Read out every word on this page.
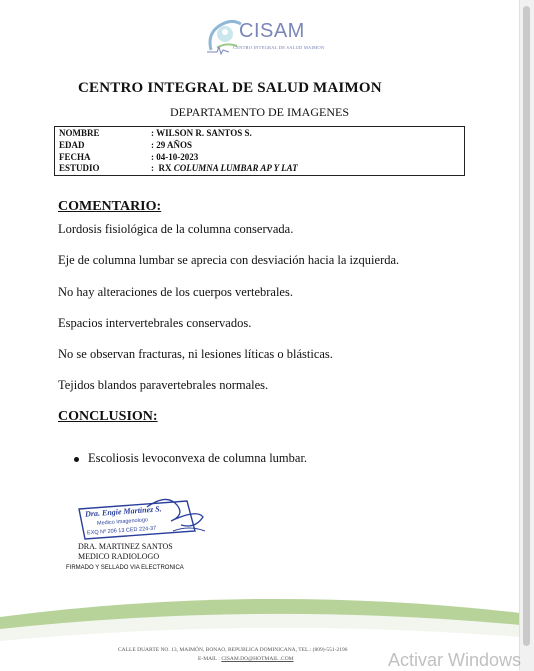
CISAM
CENTRO INTEGRAL DE SALUD MAIMON
CENTRO INTEGRAL DE SALUD MAIMON
DEPARTAMENTO DE IMAGENES
NOMBRE	: WILSON R. SANTOS S.
EDAD	: 29 AÑOS
FECHA	: 04-10-2023
ESTUDIO	:  RX COLUMNA LUMBAR AP Y LAT
COMENTARIO:
Lordosis fisiológica de la columna conservada.
Eje de columna lumbar se aprecia con desviación hacia la izquierda.
No hay alteraciones de los cuerpos vertebrales.
Espacios intervertebrales conservados.
No se observan fracturas, ni lesiones líticas o blásticas.
Tejidos blandos paravertebrales normales.
CONCLUSION:
Escoliosis levoconvexa de columna lumbar.
Dra. Engie Martinez S.
Medico Imagenologo
EXQ Nº 206 13 CED 224-37
DRA. MARTINEZ SANTOS
MEDICO RADIOLOGO
FIRMADO Y SELLADO VIA ELECTRONICA
CALLE DUARTE NO. 13, MAIMÓN, BONAO, REPUBLICA DOMINICANA, TEL.: (809)-551-2196
E-MAIL : CISAM.DO@HOTMAIL .COM	Activar Windows
